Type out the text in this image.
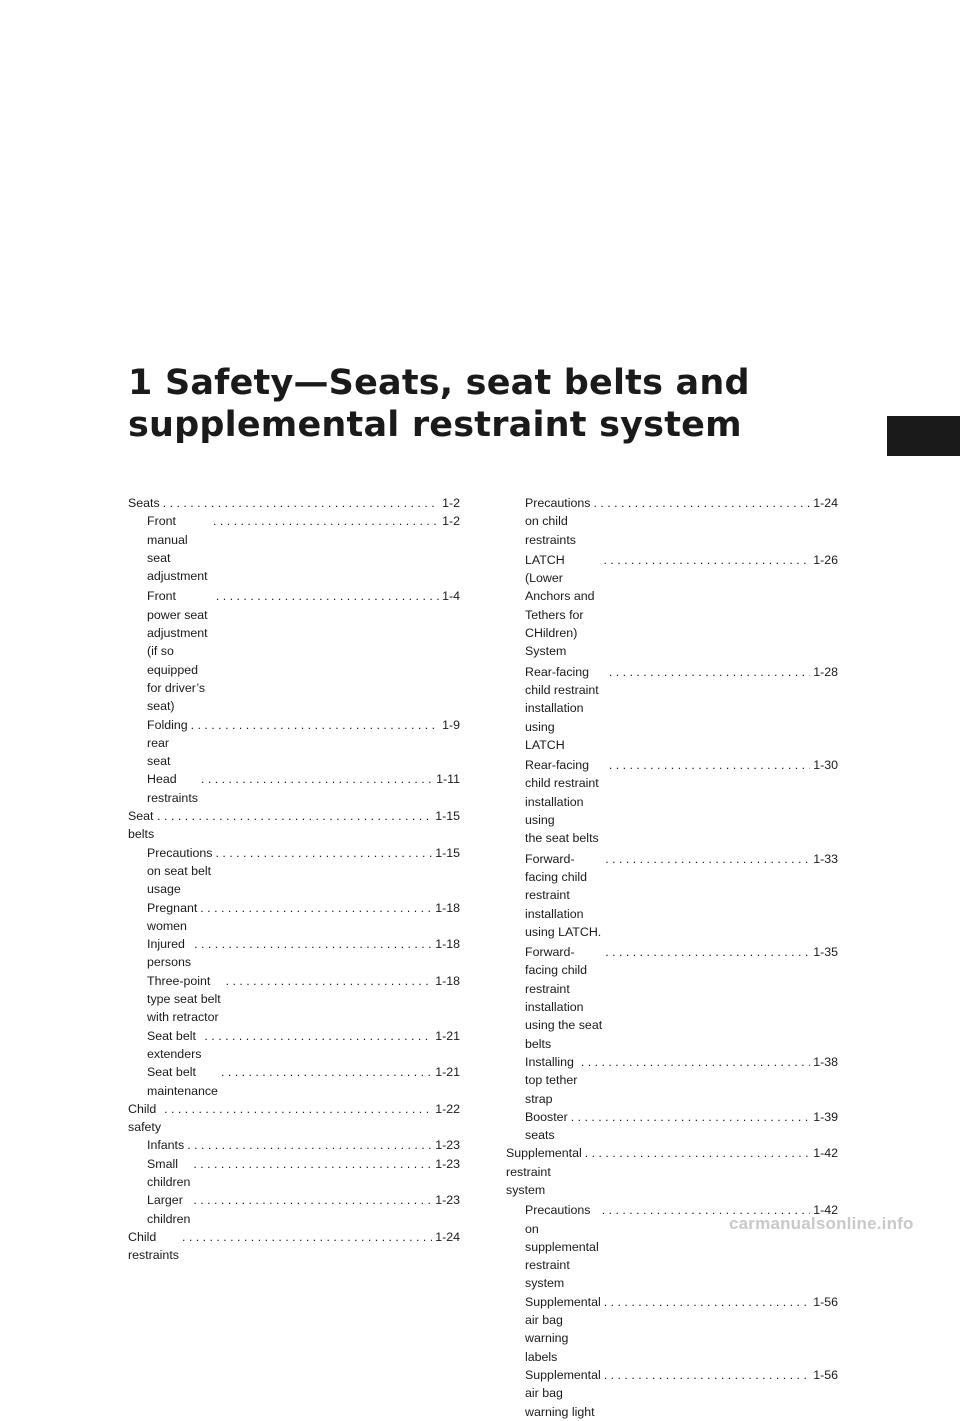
1 Safety—Seats, seat belts and
supplemental restraint system
Seats . . .	1-2
Front manual seat adjustment
. . .
1-2
Front power seat adjustment
(if so equipped for driver’s seat)
. . .
1-4
Folding rear seat
. . .
1-9
Head restraints
. . .
1-11
Seat belts
. . .
1-15
Precautions on seat belt usage
. . .
1-15
Pregnant women
. . .
1-18
Injured persons
. . .
1-18
Three-point type seat belt with retractor
. . .
1-18
Seat belt extenders
. . .
1-21
Seat belt maintenance
. . .
1-21
Child safety
. . .
1-22
Infants . . .	1-23
Small children
. . .
1-23
Larger children
. . .
1-23
Child restraints
. . .
1-24
Precautions on child restraints
. . .
1-24
LATCH (Lower Anchors and Tethers for
CHildren) System
. . .
1-26
Rear-facing child restraint installation using
LATCH
. . .
1-28
Rear-facing child restraint installation using
the seat belts
. . .
1-30
Forward-facing child restraint installation
using LATCH.
. . .
1-33
Forward-facing child restraint installation
using the seat belts
. . .
1-35
Installing top tether strap
. . .
1-38
Booster seats
. . .
1-39
Supplemental restraint system
. . .
1-42
Precautions on supplemental restraint
system
. . .
1-42
Supplemental air bag warning labels
. . .
1-56
Supplemental air bag warning light
. . .
1-56
carmanualsonline.info
